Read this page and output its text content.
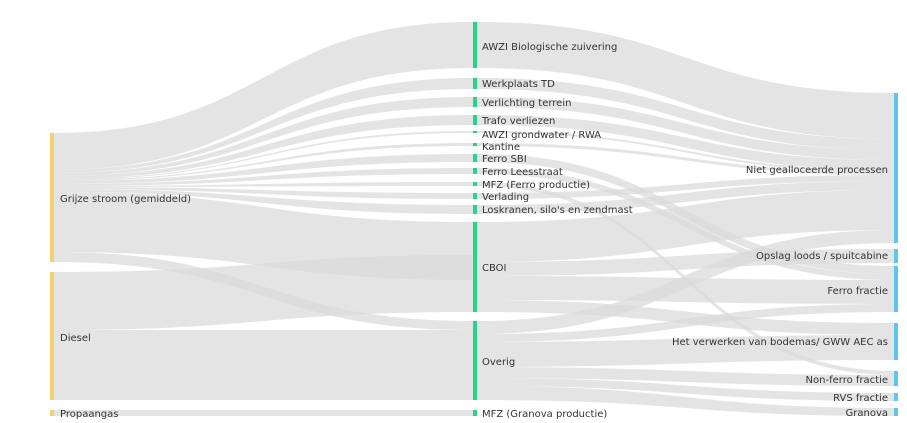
Grijze stroom (gemiddeld)
Diesel
Propaangas
AWZI Biologische zuivering
Werkplaats TD
Verlichting terrein
Trafo verliezen
AWZI grondwater / RWA
Kantine
Ferro SBI
Ferro Leesstraat
MFZ (Ferro productie)
Verlading
Loskranen, silo's en zendmast
CBOI
Overig
MFZ (Granova productie)
Niet gealloceerde processen
Opslag loods / spuitcabine
Ferro fractie
Het verwerken van bodemas/ GWW AEC as
Non-ferro fractie
RVS fractie
Granova
